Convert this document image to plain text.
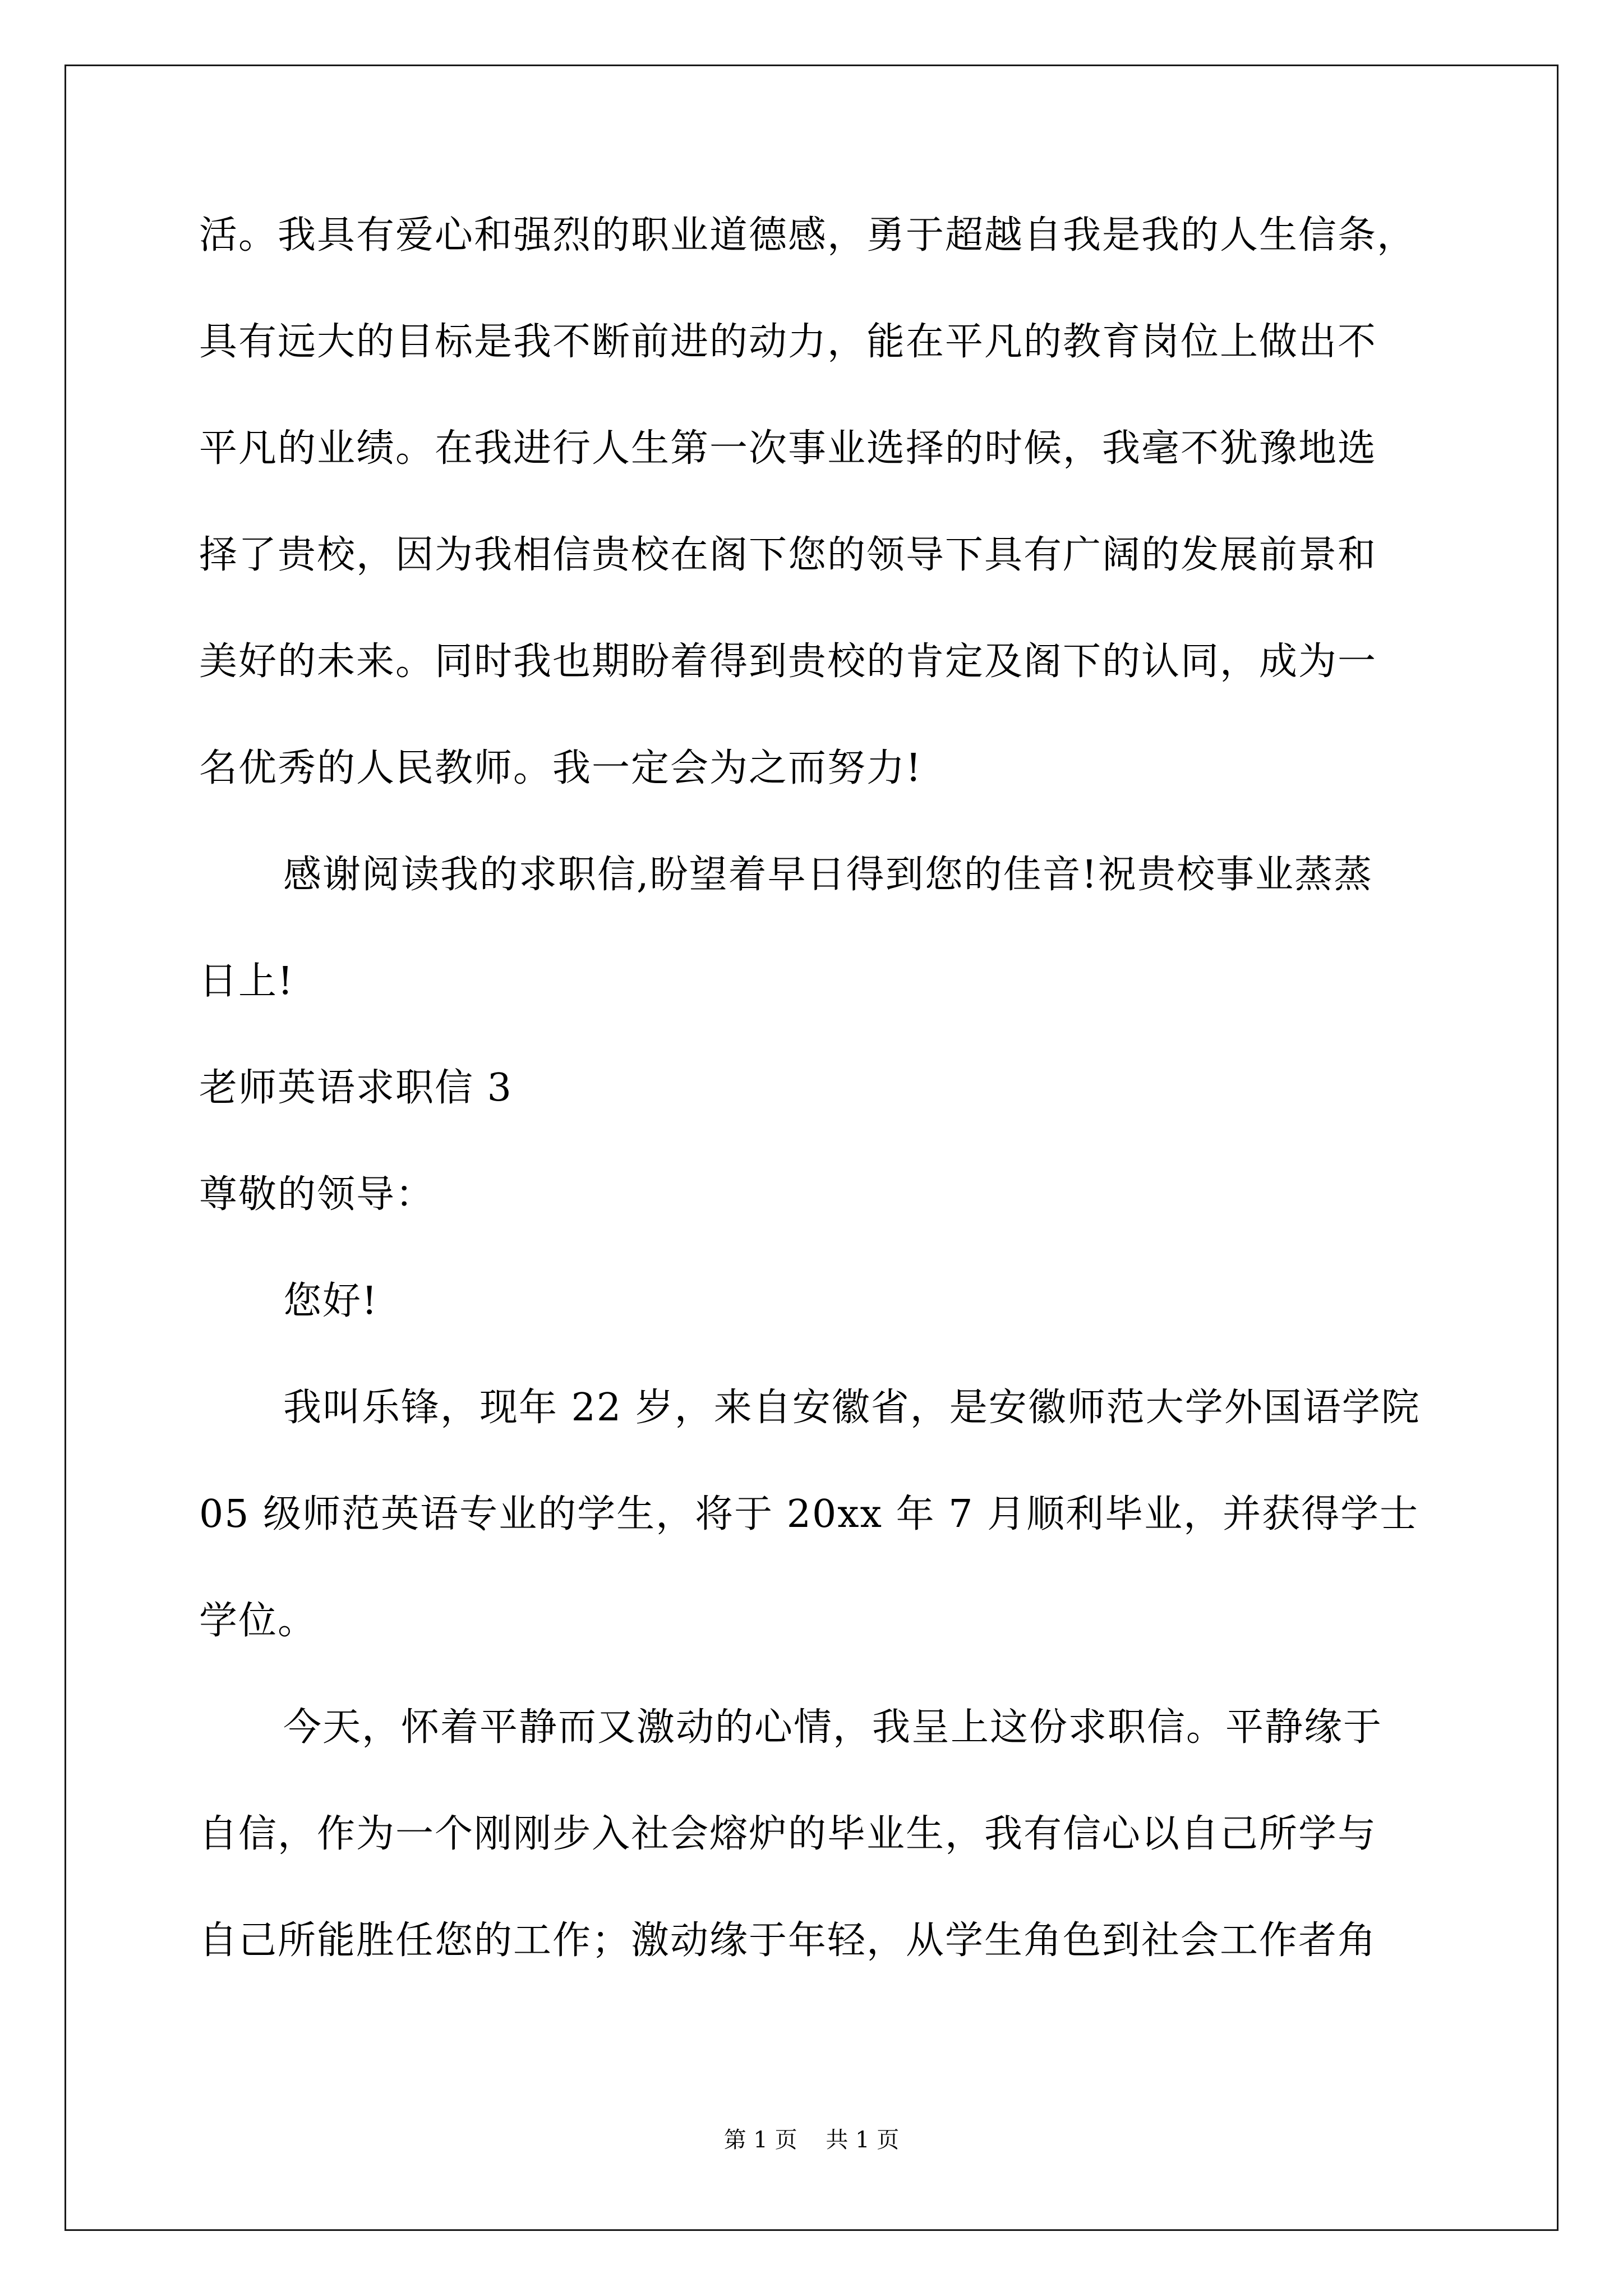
活。我具有爱心和强烈的职业道德感，勇于超越自我是我的人生信条，

具有远大的目标是我不断前进的动力，能在平凡的教育岗位上做出不

平凡的业绩。在我进行人生第一次事业选择的时候，我毫不犹豫地选

择了贵校，因为我相信贵校在阁下您的领导下具有广阔的发展前景和

美好的未来。同时我也期盼着得到贵校的肯定及阁下的认同，成为一

名优秀的人民教师。我一定会为之而努力!

感谢阅读我的求职信,盼望着早日得到您的佳音!祝贵校事业蒸蒸

日上!

老师英语求职信 3

尊敬的领导：

您好!

我叫乐锋，现年 22 岁，来自安徽省，是安徽师范大学外国语学院

05 级师范英语专业的学生，将于 20xx 年 7 月顺利毕业，并获得学士

学位。

今天，怀着平静而又激动的心情，我呈上这份求职信。平静缘于

自信，作为一个刚刚步入社会熔炉的毕业生，我有信心以自己所学与

自己所能胜任您的工作；激动缘于年轻，从学生角色到社会工作者角

第 1 页    共 1 页
